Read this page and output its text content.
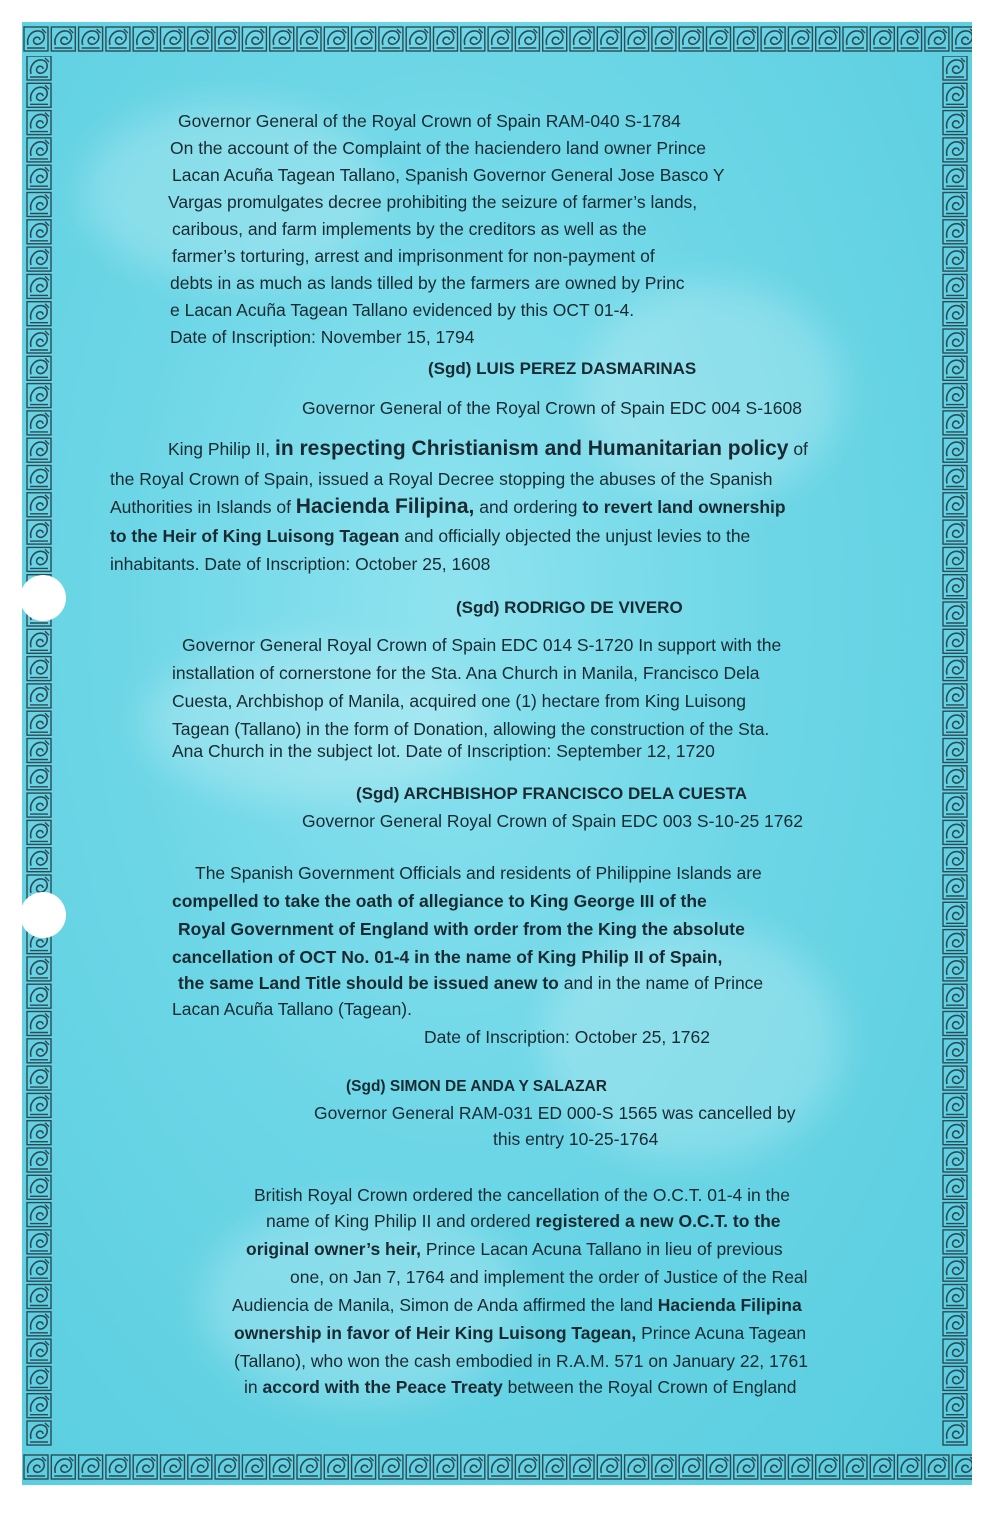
Governor General of the Royal Crown of Spain RAM-040 S-1784
On the account of the Complaint of the haciendero land owner Prince
Lacan Acuña Tagean Tallano, Spanish Governor General Jose Basco Y
Vargas promulgates decree prohibiting the seizure of farmer’s lands,
caribous, and farm implements by the creditors as well as the
farmer’s torturing, arrest and imprisonment for non-payment of
debts in as much as lands tilled by the farmers are owned by Princ
e Lacan Acuña Tagean Tallano evidenced by this OCT 01-4.
Date of Inscription: November 15, 1794
(Sgd) LUIS PEREZ DASMARINAS
Governor General of the Royal Crown of Spain EDC 004 S-1608
King Philip II, in respecting Christianism and Humanitarian policy of
the Royal Crown of Spain, issued a Royal Decree stopping the abuses of the Spanish
Authorities in Islands of Hacienda Filipina, and ordering to revert land ownership
to the Heir of King Luisong Tagean and officially objected the unjust levies to the
inhabitants. Date of Inscription: October 25, 1608
(Sgd) RODRIGO DE VIVERO
Governor General Royal Crown of Spain EDC 014 S-1720 In support with the
installation of cornerstone for the Sta. Ana Church in Manila, Francisco Dela
Cuesta, Archbishop of Manila, acquired one (1) hectare from King Luisong
Tagean (Tallano) in the form of Donation, allowing the construction of the Sta.
Ana Church in the subject lot. Date of Inscription: September 12, 1720
(Sgd) ARCHBISHOP FRANCISCO DELA CUESTA
Governor General Royal Crown of Spain EDC 003 S-10-25 1762
The Spanish Government Officials and residents of Philippine Islands are
compelled to take the oath of allegiance to King George III of the
Royal Government of England with order from the King the absolute
cancellation of OCT No. 01-4 in the name of King Philip II of Spain,
the same Land Title should be issued anew to and in the name of Prince
Lacan Acuña Tallano (Tagean).
Date of Inscription: October 25, 1762
(Sgd) SIMON DE ANDA Y SALAZAR
Governor General RAM-031 ED 000-S 1565 was cancelled by
this entry 10-25-1764
British Royal Crown ordered the cancellation of the O.C.T. 01-4 in the
name of King Philip II and ordered registered a new O.C.T. to the
original owner’s heir, Prince Lacan Acuna Tallano in lieu of previous
one, on Jan 7, 1764 and implement the order of Justice of the Real
Audiencia de Manila, Simon de Anda affirmed the land Hacienda Filipina
ownership in favor of Heir King Luisong Tagean, Prince Acuna Tagean
(Tallano), who won the cash embodied in R.A.M. 571 on January 22, 1761
in accord with the Peace Treaty between the Royal Crown of England
